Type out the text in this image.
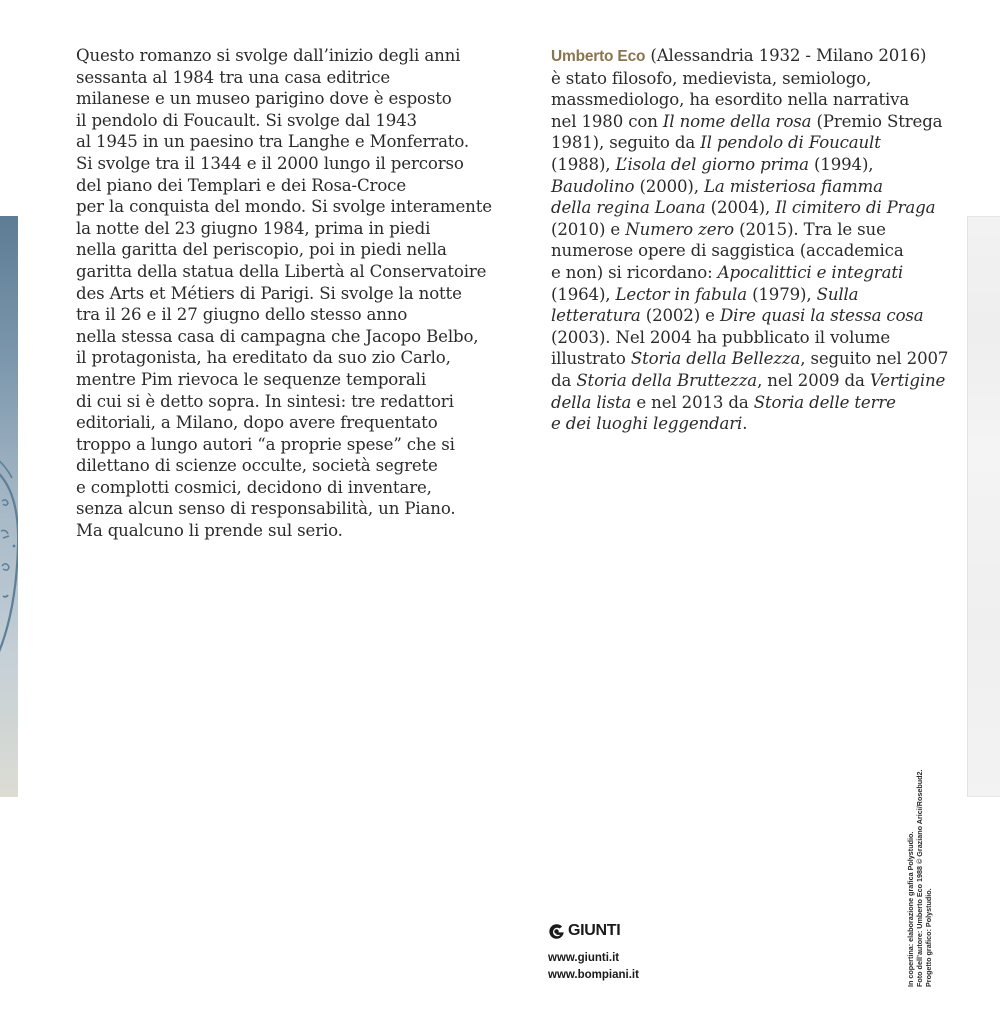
Questo romanzo si svolge dall’inizio degli anni
sessanta al 1984 tra una casa editrice
milanese e un museo parigino dove è esposto
il pendolo di Foucault. Si svolge dal 1943
al 1945 in un paesino tra Langhe e Monferrato.
Si svolge tra il 1344 e il 2000 lungo il percorso
del piano dei Templari e dei Rosa-Croce
per la conquista del mondo. Si svolge interamente
la notte del 23 giugno 1984, prima in piedi
nella garitta del periscopio, poi in piedi nella
garitta della statua della Libertà al Conservatoire
des Arts et Métiers di Parigi. Si svolge la notte
tra il 26 e il 27 giugno dello stesso anno
nella stessa casa di campagna che Jacopo Belbo,
il protagonista, ha ereditato da suo zio Carlo,
mentre Pim rievoca le sequenze temporali
di cui si è detto sopra. In sintesi: tre redattori
editoriali, a Milano, dopo avere frequentato
troppo a lungo autori “a proprie spese” che si
dilettano di scienze occulte, società segrete
e complotti cosmici, decidono di inventare,
senza alcun senso di responsabilità, un Piano.
Ma qualcuno li prende sul serio.
Umberto Eco (Alessandria 1932 - Milano 2016)
è stato filosofo, medievista, semiologo,
massmediologo, ha esordito nella narrativa
nel 1980 con Il nome della rosa (Premio Strega
1981), seguito da Il pendolo di Foucault
(1988), L’isola del giorno prima (1994),
Baudolino (2000), La misteriosa fiamma
della regina Loana (2004), Il cimitero di Praga
(2010) e Numero zero (2015). Tra le sue
numerose opere di saggistica (accademica
e non) si ricordano: Apocalittici e integrati
(1964), Lector in fabula (1979), Sulla
letteratura (2002) e Dire quasi la stessa cosa
(2003). Nel 2004 ha pubblicato il volume
illustrato Storia della Bellezza, seguito nel 2007
da Storia della Bruttezza, nel 2009 da Vertigine
della lista e nel 2013 da Storia delle terre
e dei luoghi leggendari.
GIUNTI
www.giunti.it
www.bompiani.it	In copertina: elaborazione grafica Polystudio. Foto dell’autore: Umberto Eco 1988 © Graziano Arici/Rosebud2. Progetto grafico: Polystudio.
